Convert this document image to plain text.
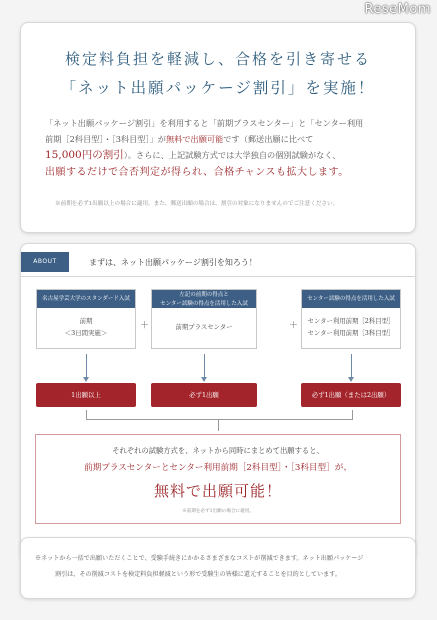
ReseMom
検定料負担を軽減し、合格を引き寄せる
「ネット出願パッケージ割引」を実施！
「ネット出願パッケージ割引」を利用すると「前期プラスセンター」と「センター利用
前期［2科目型］・［3科目型］」が無料で出願可能です（郵送出願に比べて
15,000円の割引）。さらに、上記試験方式では大学独自の個別試験がなく、
出願するだけで合否判定が得られ、合格チャンスも拡大します。
※前期を必ず1出願以上の場合に適用。また、郵送出願の場合は、割引の対象になりませんのでご注意ください。
ABOUT	まずは、ネット出願パッケージ割引を知ろう！
名古屋学芸大学のスタンダード入試
前期
＜3日間実施＞
＋
左記の前期の得点と
センター試験の得点を活用した入試
前期プラスセンター	＋
センター試験の得点を活用した入試
センター利用前期［2科目型］
センター利用前期［3科目型］
1出願以上	必ず1出願	必ず1出願（または2出願）
それぞれの試験方式を、ネットから同時にまとめて出願すると、
前期プラスセンターとセンター利用前期［2科目型］・［3科目型］が、
無料で出願可能！
※前期を必ず1出願の場合に適用。
※ネットから一括で出願いただくことで、受験手続きにかかるさまざまなコストが削減できます。ネット出願パッケージ
割引は、その削減コストを検定料負担軽減という形で受験生の皆様に還元することを目的としています。
